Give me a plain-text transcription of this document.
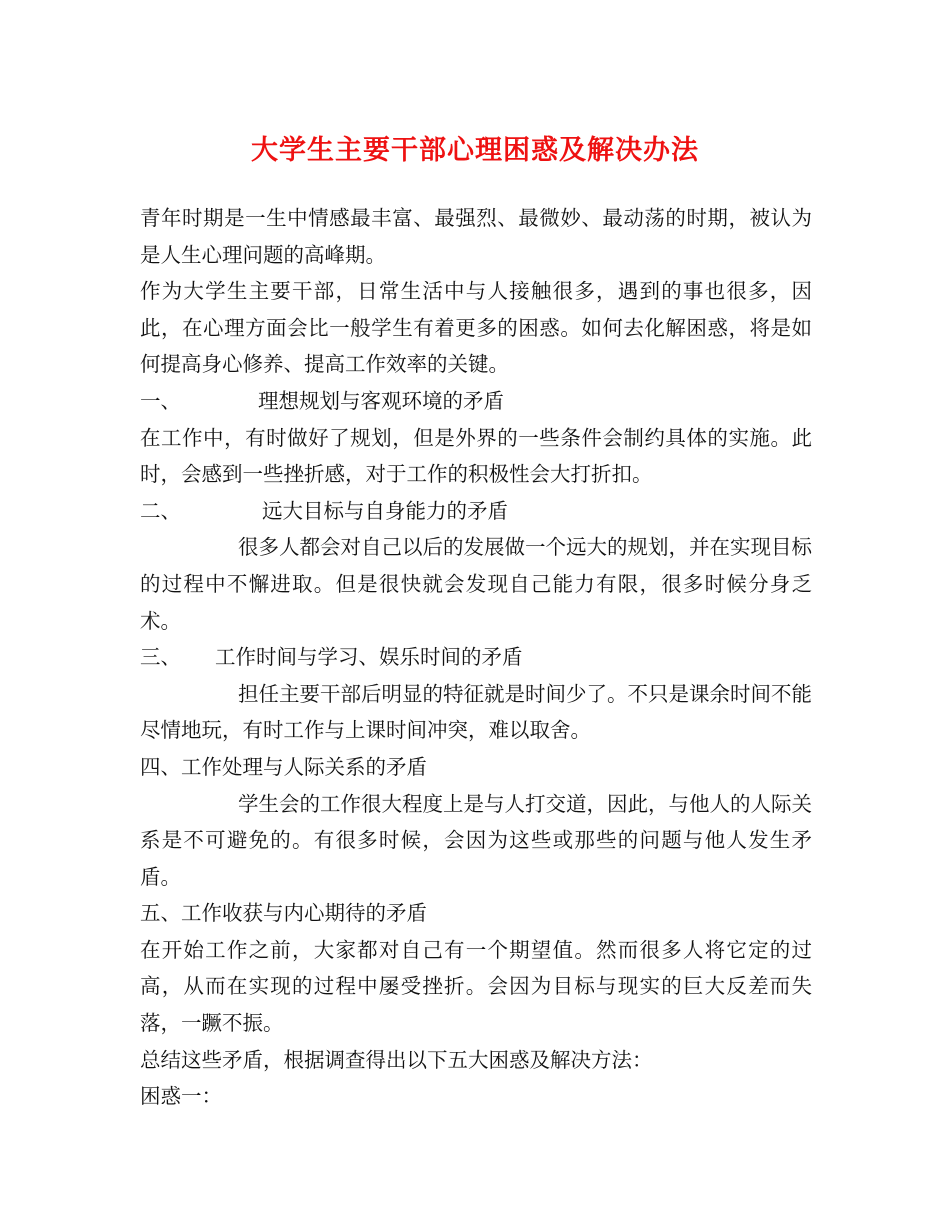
大学生主要干部心理困惑及解决办法

青年时期是一生中情感最丰富、最强烈、最微妙、最动荡的时期，被认为是人生心理问题的高峰期。

作为大学生主要干部，日常生活中与人接触很多，遇到的事也很多，因此，在心理方面会比一般学生有着更多的困惑。如何去化解困惑，将是如何提高身心修养、提高工作效率的关键。

一、	理想规划与客观环境的矛盾

在工作中，有时做好了规划，但是外界的一些条件会制约具体的实施。此时，会感到一些挫折感，对于工作的积极性会大打折扣。

二、	远大目标与自身能力的矛盾

很多人都会对自己以后的发展做一个远大的规划，并在实现目标的过程中不懈进取。但是很快就会发现自己能力有限，很多时候分身乏术。

三、 工作时间与学习、娱乐时间的矛盾

担任主要干部后明显的特征就是时间少了。不只是课余时间不能尽情地玩，有时工作与上课时间冲突，难以取舍。

四、工作处理与人际关系的矛盾

学生会的工作很大程度上是与人打交道，因此，与他人的人际关系是不可避免的。有很多时候，会因为这些或那些的问题与他人发生矛盾。

五、工作收获与内心期待的矛盾

在开始工作之前，大家都对自己有一个期望值。然而很多人将它定的过高，从而在实现的过程中屡受挫折。会因为目标与现实的巨大反差而失落，一蹶不振。

总结这些矛盾，根据调查得出以下五大困惑及解决方法：

困惑一：
